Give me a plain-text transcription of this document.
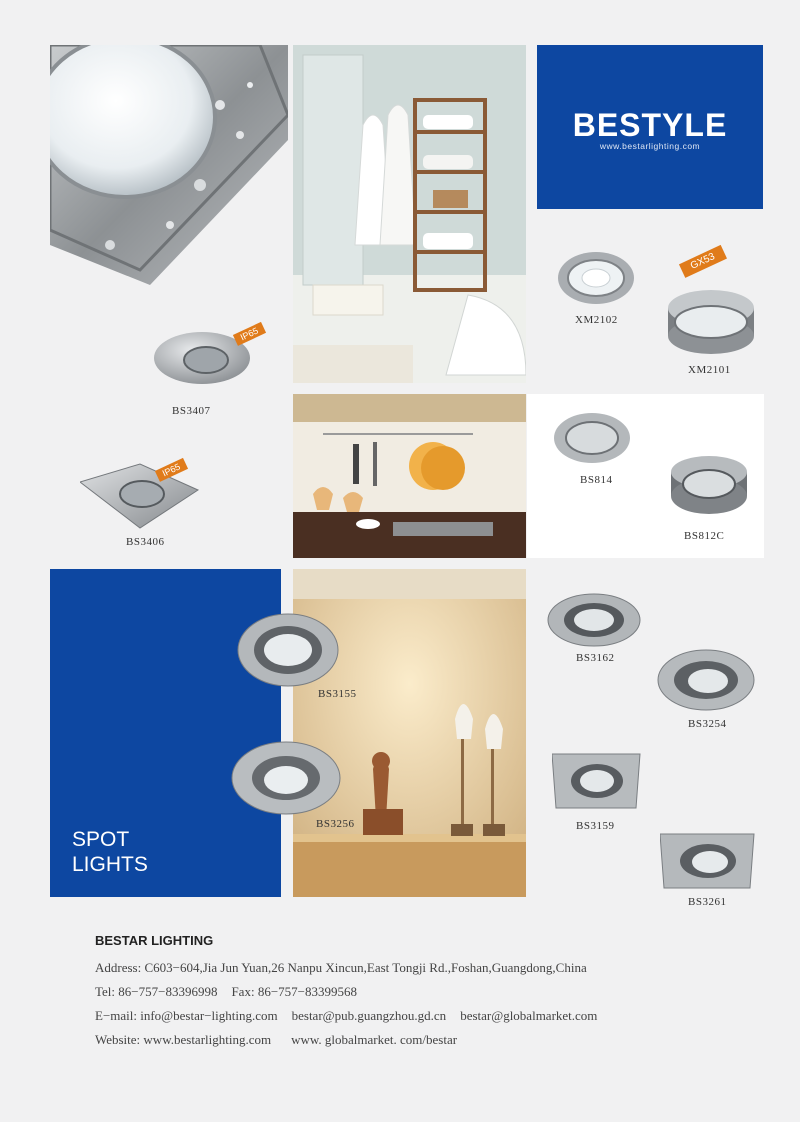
BESTYLE
www.bestarlighting.com
IP65
BS3407
IP65
BS3406
XM2102
GX53
XM2101
BS814
BS812C
SPOT
LIGHTS
BS3155
BS3256
BS3162
BS3254
BS3159
BS3261
BESTAR LIGHTING
Address: C603−604,Jia Jun Yuan,26 Nanpu Xincun,East Tongji Rd.,Foshan,Guangdong,China
Tel: 86−757−83396998 Fax: 86−757−83399568
E−mail: info@bestar−lighting.com bestar@pub.guangzhou.gd.cn bestar@globalmarket.com
Website: www.bestarlighting.com www. globalmarket. com/bestar
